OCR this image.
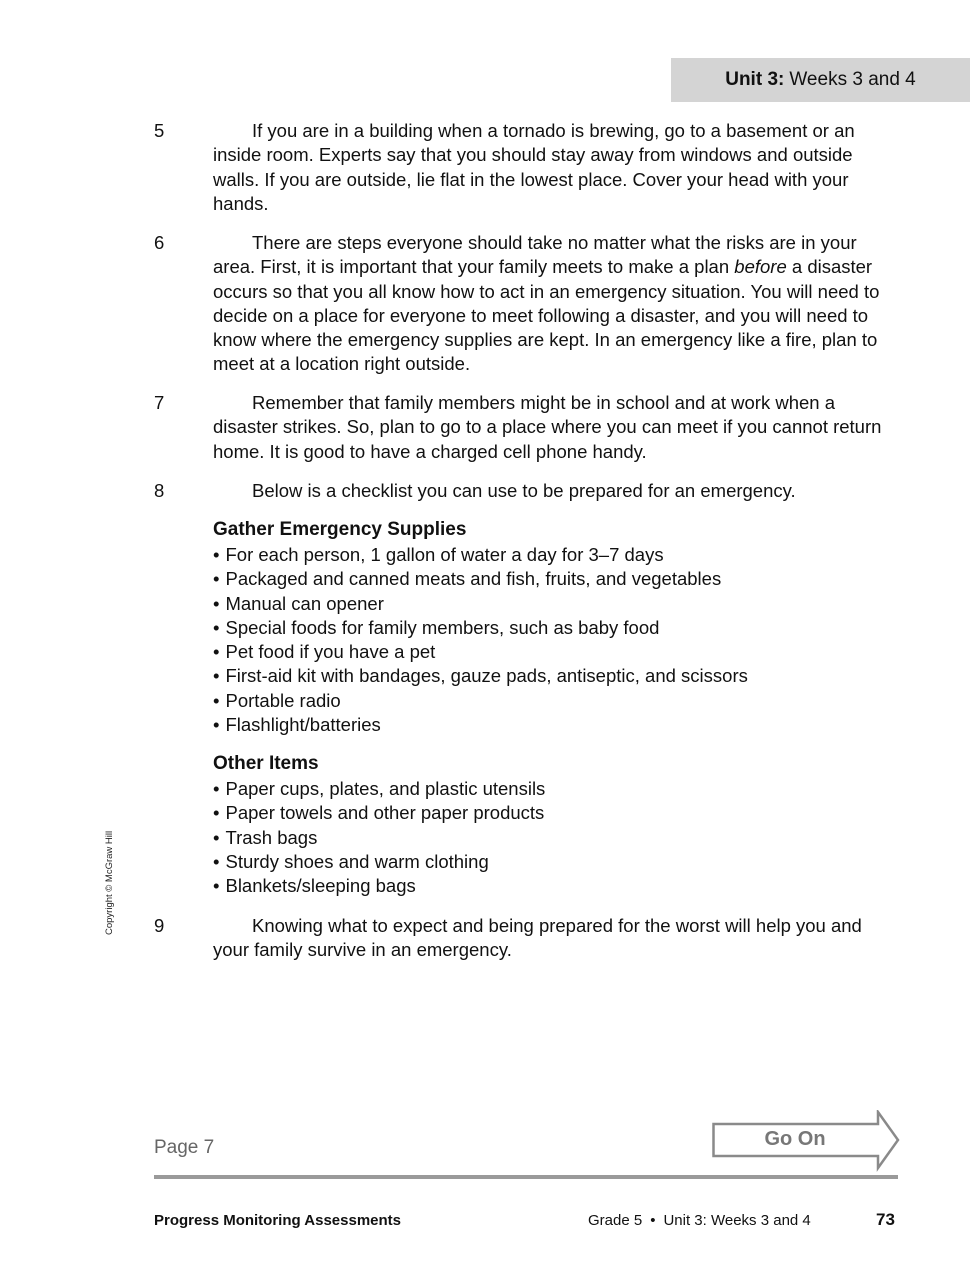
Unit 3: Weeks 3 and 4
5	If you are in a building when a tornado is brewing, go to a basement or an inside room. Experts say that you should stay away from windows and outside walls. If you are outside, lie flat in the lowest place. Cover your head with your hands.
6	There are steps everyone should take no matter what the risks are in your area. First, it is important that your family meets to make a plan before a disaster occurs so that you all know how to act in an emergency situation. You will need to decide on a place for everyone to meet following a disaster, and you will need to know where the emergency supplies are kept. In an emergency like a fire, plan to meet at a location right outside.
7	Remember that family members might be in school and at work when a disaster strikes. So, plan to go to a place where you can meet if you cannot return home. It is good to have a charged cell phone handy.
8	Below is a checklist you can use to be prepared for an emergency.
Gather Emergency Supplies
• For each person, 1 gallon of water a day for 3–7 days
• Packaged and canned meats and fish, fruits, and vegetables
• Manual can opener
• Special foods for family members, such as baby food
• Pet food if you have a pet
• First-aid kit with bandages, gauze pads, antiseptic, and scissors
• Portable radio
• Flashlight/batteries
Other Items
• Paper cups, plates, and plastic utensils
• Paper towels and other paper products
• Trash bags
• Sturdy shoes and warm clothing
• Blankets/sleeping bags
9	Knowing what to expect and being prepared for the worst will help you and your family survive in an emergency.
Copyright © McGraw Hill
Page 7	Go On
Progress Monitoring Assessments	Grade 5 • Unit 3: Weeks 3 and 4	73
